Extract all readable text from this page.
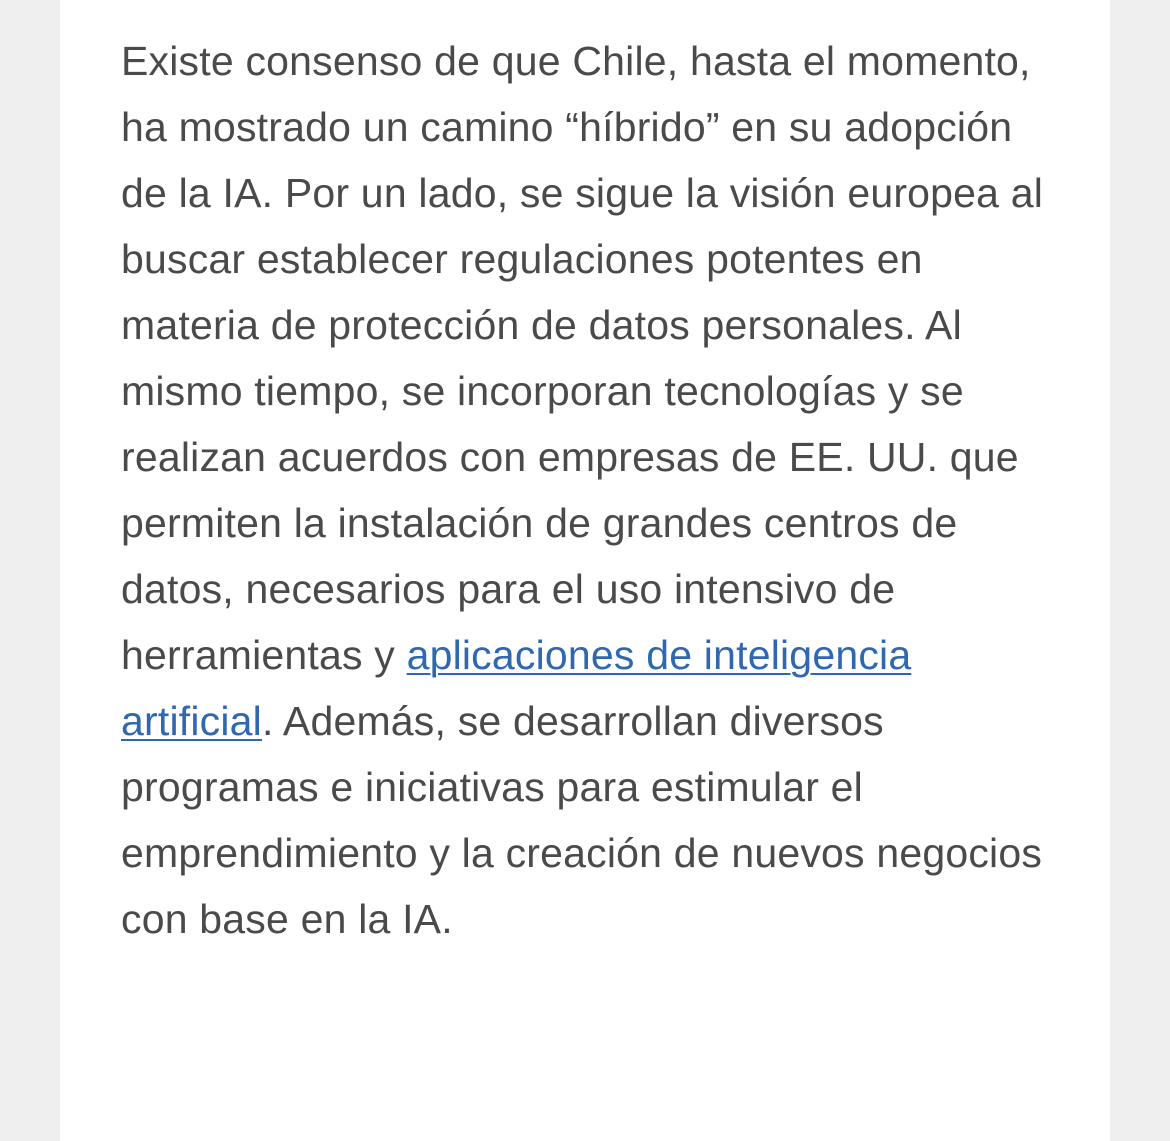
Existe consenso de que Chile, hasta el momento, ha mostrado un camino “híbrido” en su adopción de la IA. Por un lado, se sigue la visión europea al buscar establecer regulaciones potentes en materia de protección de datos personales. Al mismo tiempo, se incorporan tecnologías y se realizan acuerdos con empresas de EE. UU. que permiten la instalación de grandes centros de datos, necesarios para el uso intensivo de herramientas y aplicaciones de inteligencia artificial. Además, se desarrollan diversos programas e iniciativas para estimular el emprendimiento y la creación de nuevos negocios con base en la IA.
